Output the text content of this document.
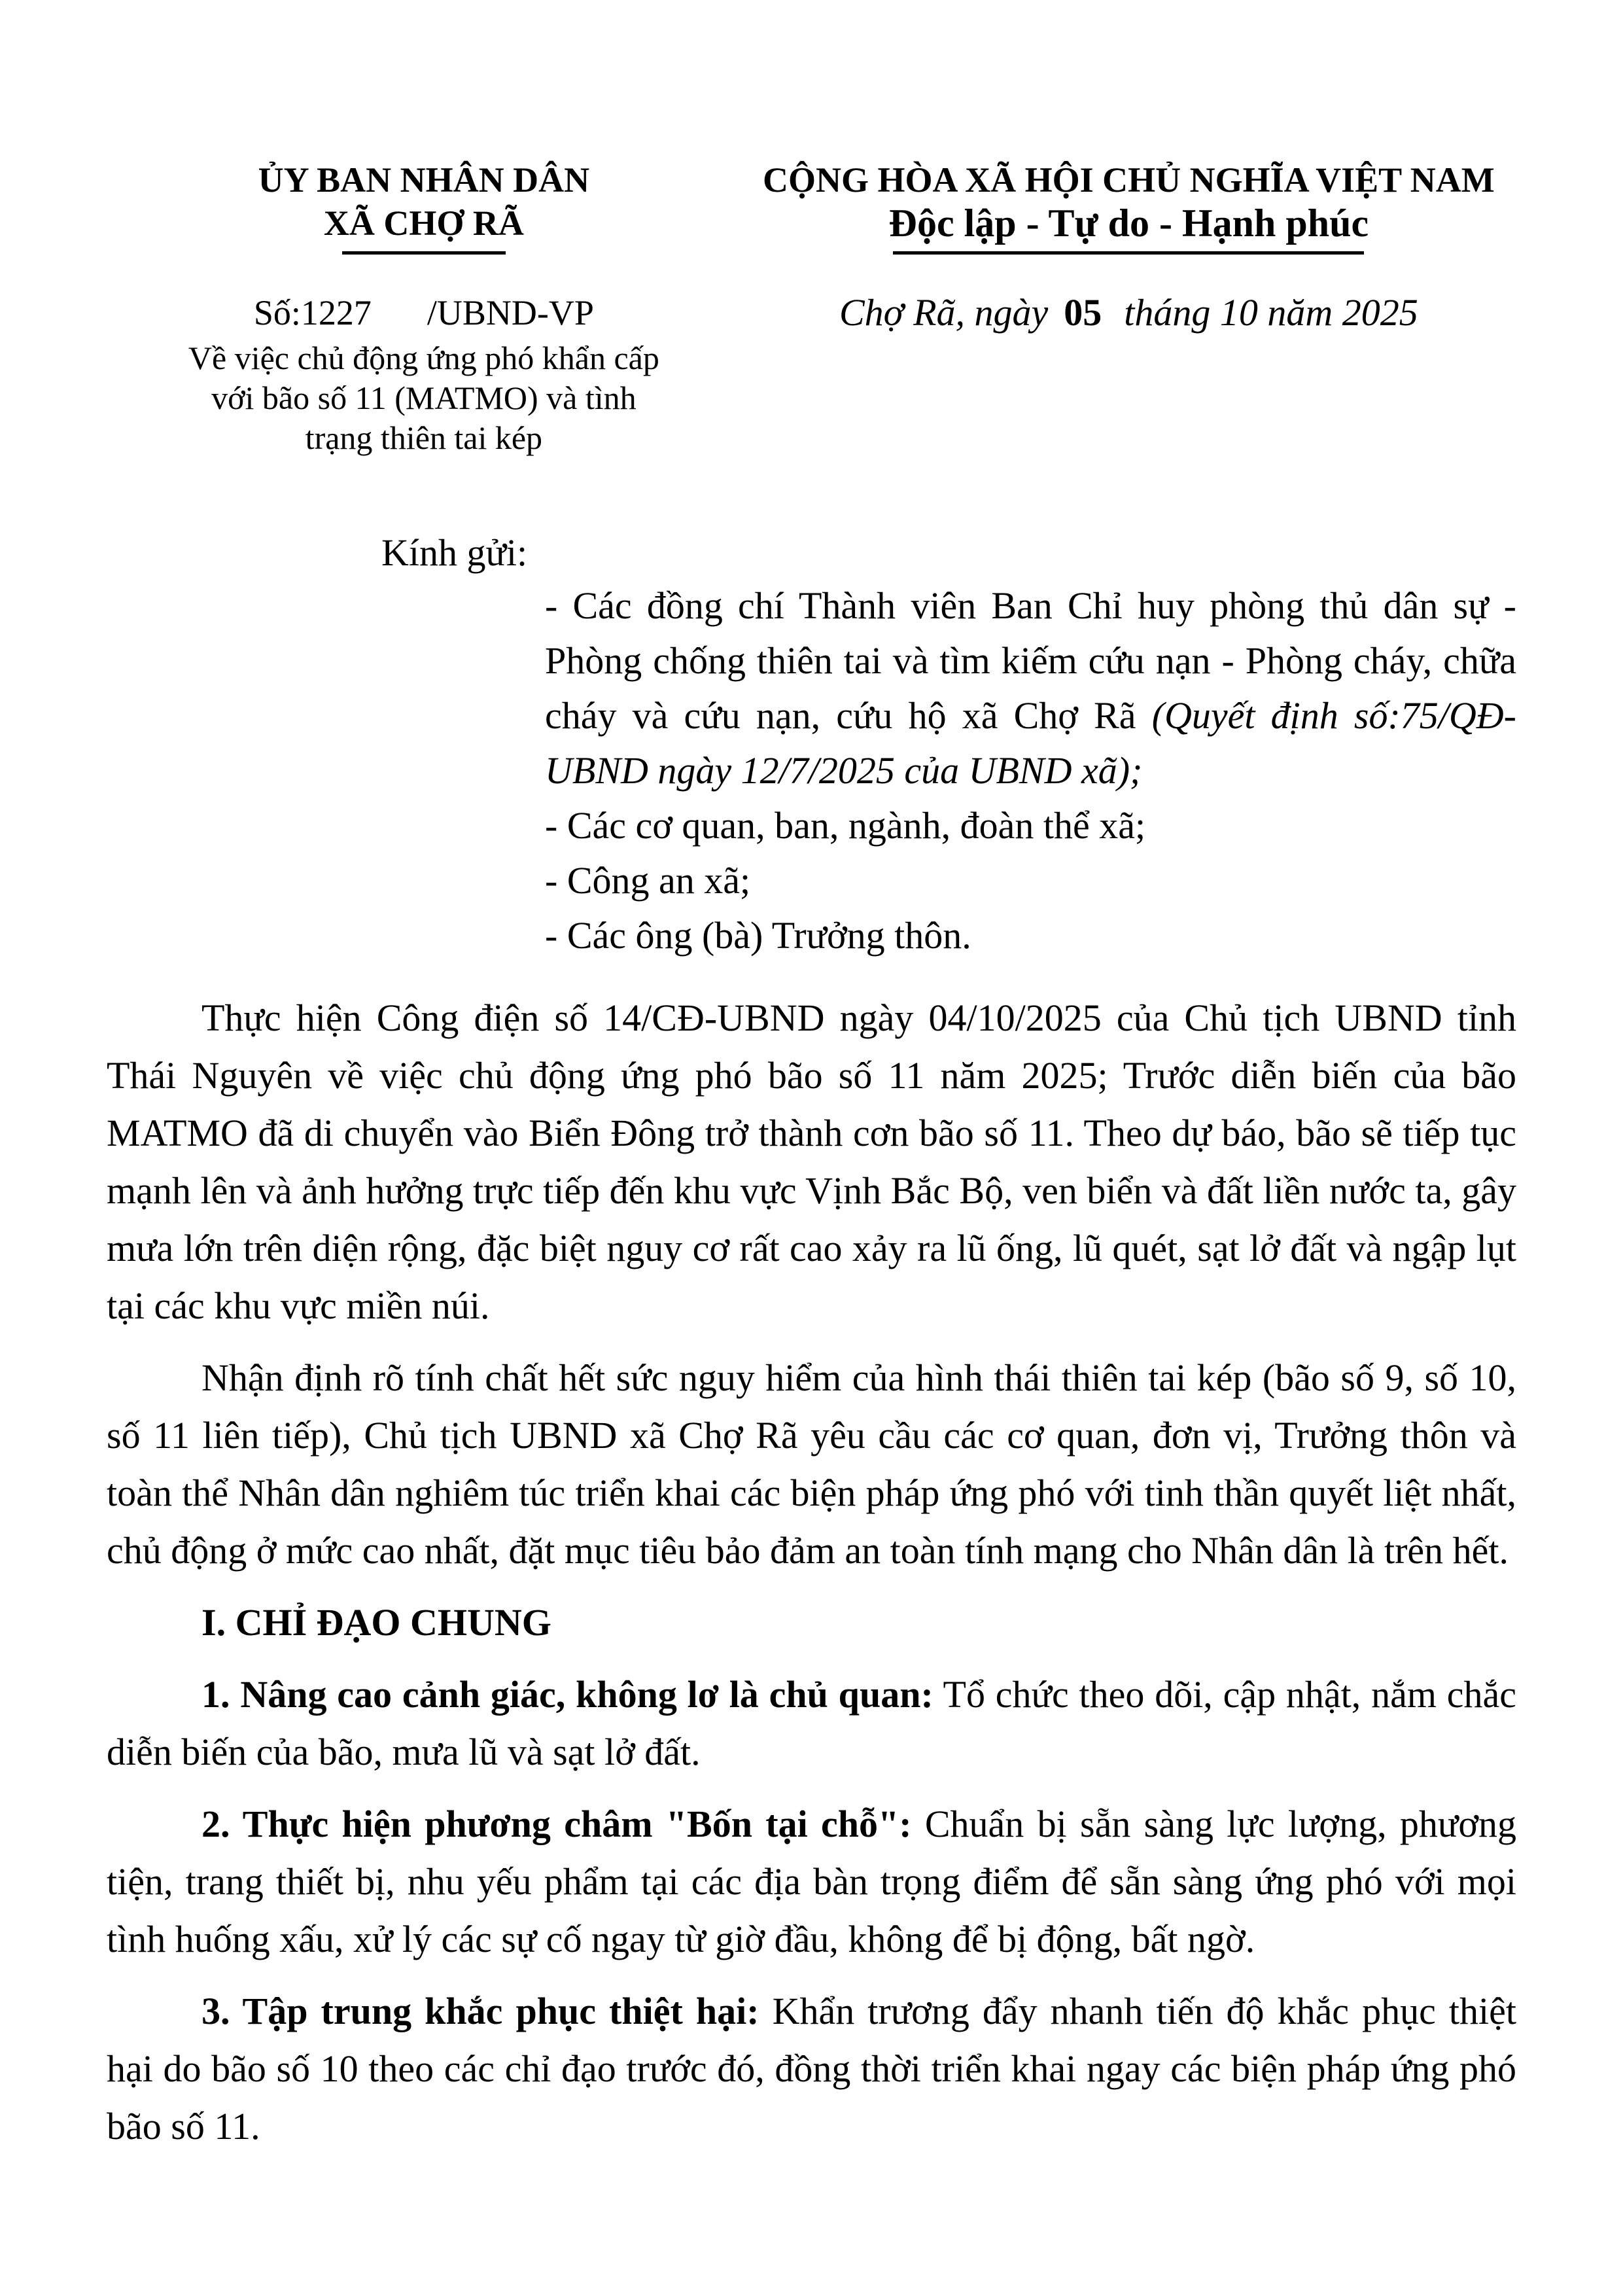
ỦY BAN NHÂN DÂN
XÃ CHỢ RÃ
Số:1227 /UBND-VP
Về việc chủ động ứng phó khẩn cấp
với bão số 11 (MATMO) và tình
trạng thiên tai kép
CỘNG HÒA XÃ HỘI CHỦ NGHĨA VIỆT NAM
Độc lập - Tự do - Hạnh phúc
Chợ Rã, ngày 05 tháng 10 năm 2025
Kính gửi:

- Các đồng chí Thành viên Ban Chỉ huy phòng thủ dân sự - Phòng chống thiên tai và tìm kiếm cứu nạn - Phòng cháy, chữa cháy và cứu nạn, cứu hộ xã Chợ Rã (Quyết định số:75/QĐ-UBND ngày 12/7/2025 của UBND xã);

- Các cơ quan, ban, ngành, đoàn thể xã;

- Công an xã;

- Các ông (bà) Trưởng thôn.

Thực hiện Công điện số 14/CĐ-UBND ngày 04/10/2025 của Chủ tịch UBND tỉnh Thái Nguyên về việc chủ động ứng phó bão số 11 năm 2025; Trước diễn biến của bão MATMO đã di chuyển vào Biển Đông trở thành cơn bão số 11. Theo dự báo, bão sẽ tiếp tục mạnh lên và ảnh hưởng trực tiếp đến khu vực Vịnh Bắc Bộ, ven biển và đất liền nước ta, gây mưa lớn trên diện rộng, đặc biệt nguy cơ rất cao xảy ra lũ ống, lũ quét, sạt lở đất và ngập lụt tại các khu vực miền núi.

Nhận định rõ tính chất hết sức nguy hiểm của hình thái thiên tai kép (bão số 9, số 10, số 11 liên tiếp), Chủ tịch UBND xã Chợ Rã yêu cầu các cơ quan, đơn vị, Trưởng thôn và toàn thể Nhân dân nghiêm túc triển khai các biện pháp ứng phó với tinh thần quyết liệt nhất, chủ động ở mức cao nhất, đặt mục tiêu bảo đảm an toàn tính mạng cho Nhân dân là trên hết.

I. CHỈ ĐẠO CHUNG

1. Nâng cao cảnh giác, không lơ là chủ quan: Tổ chức theo dõi, cập nhật, nắm chắc diễn biến của bão, mưa lũ và sạt lở đất.

2. Thực hiện phương châm "Bốn tại chỗ": Chuẩn bị sẵn sàng lực lượng, phương tiện, trang thiết bị, nhu yếu phẩm tại các địa bàn trọng điểm để sẵn sàng ứng phó với mọi tình huống xấu, xử lý các sự cố ngay từ giờ đầu, không để bị động, bất ngờ.

3. Tập trung khắc phục thiệt hại: Khẩn trương đẩy nhanh tiến độ khắc phục thiệt hại do bão số 10 theo các chỉ đạo trước đó, đồng thời triển khai ngay các biện pháp ứng phó bão số 11.
